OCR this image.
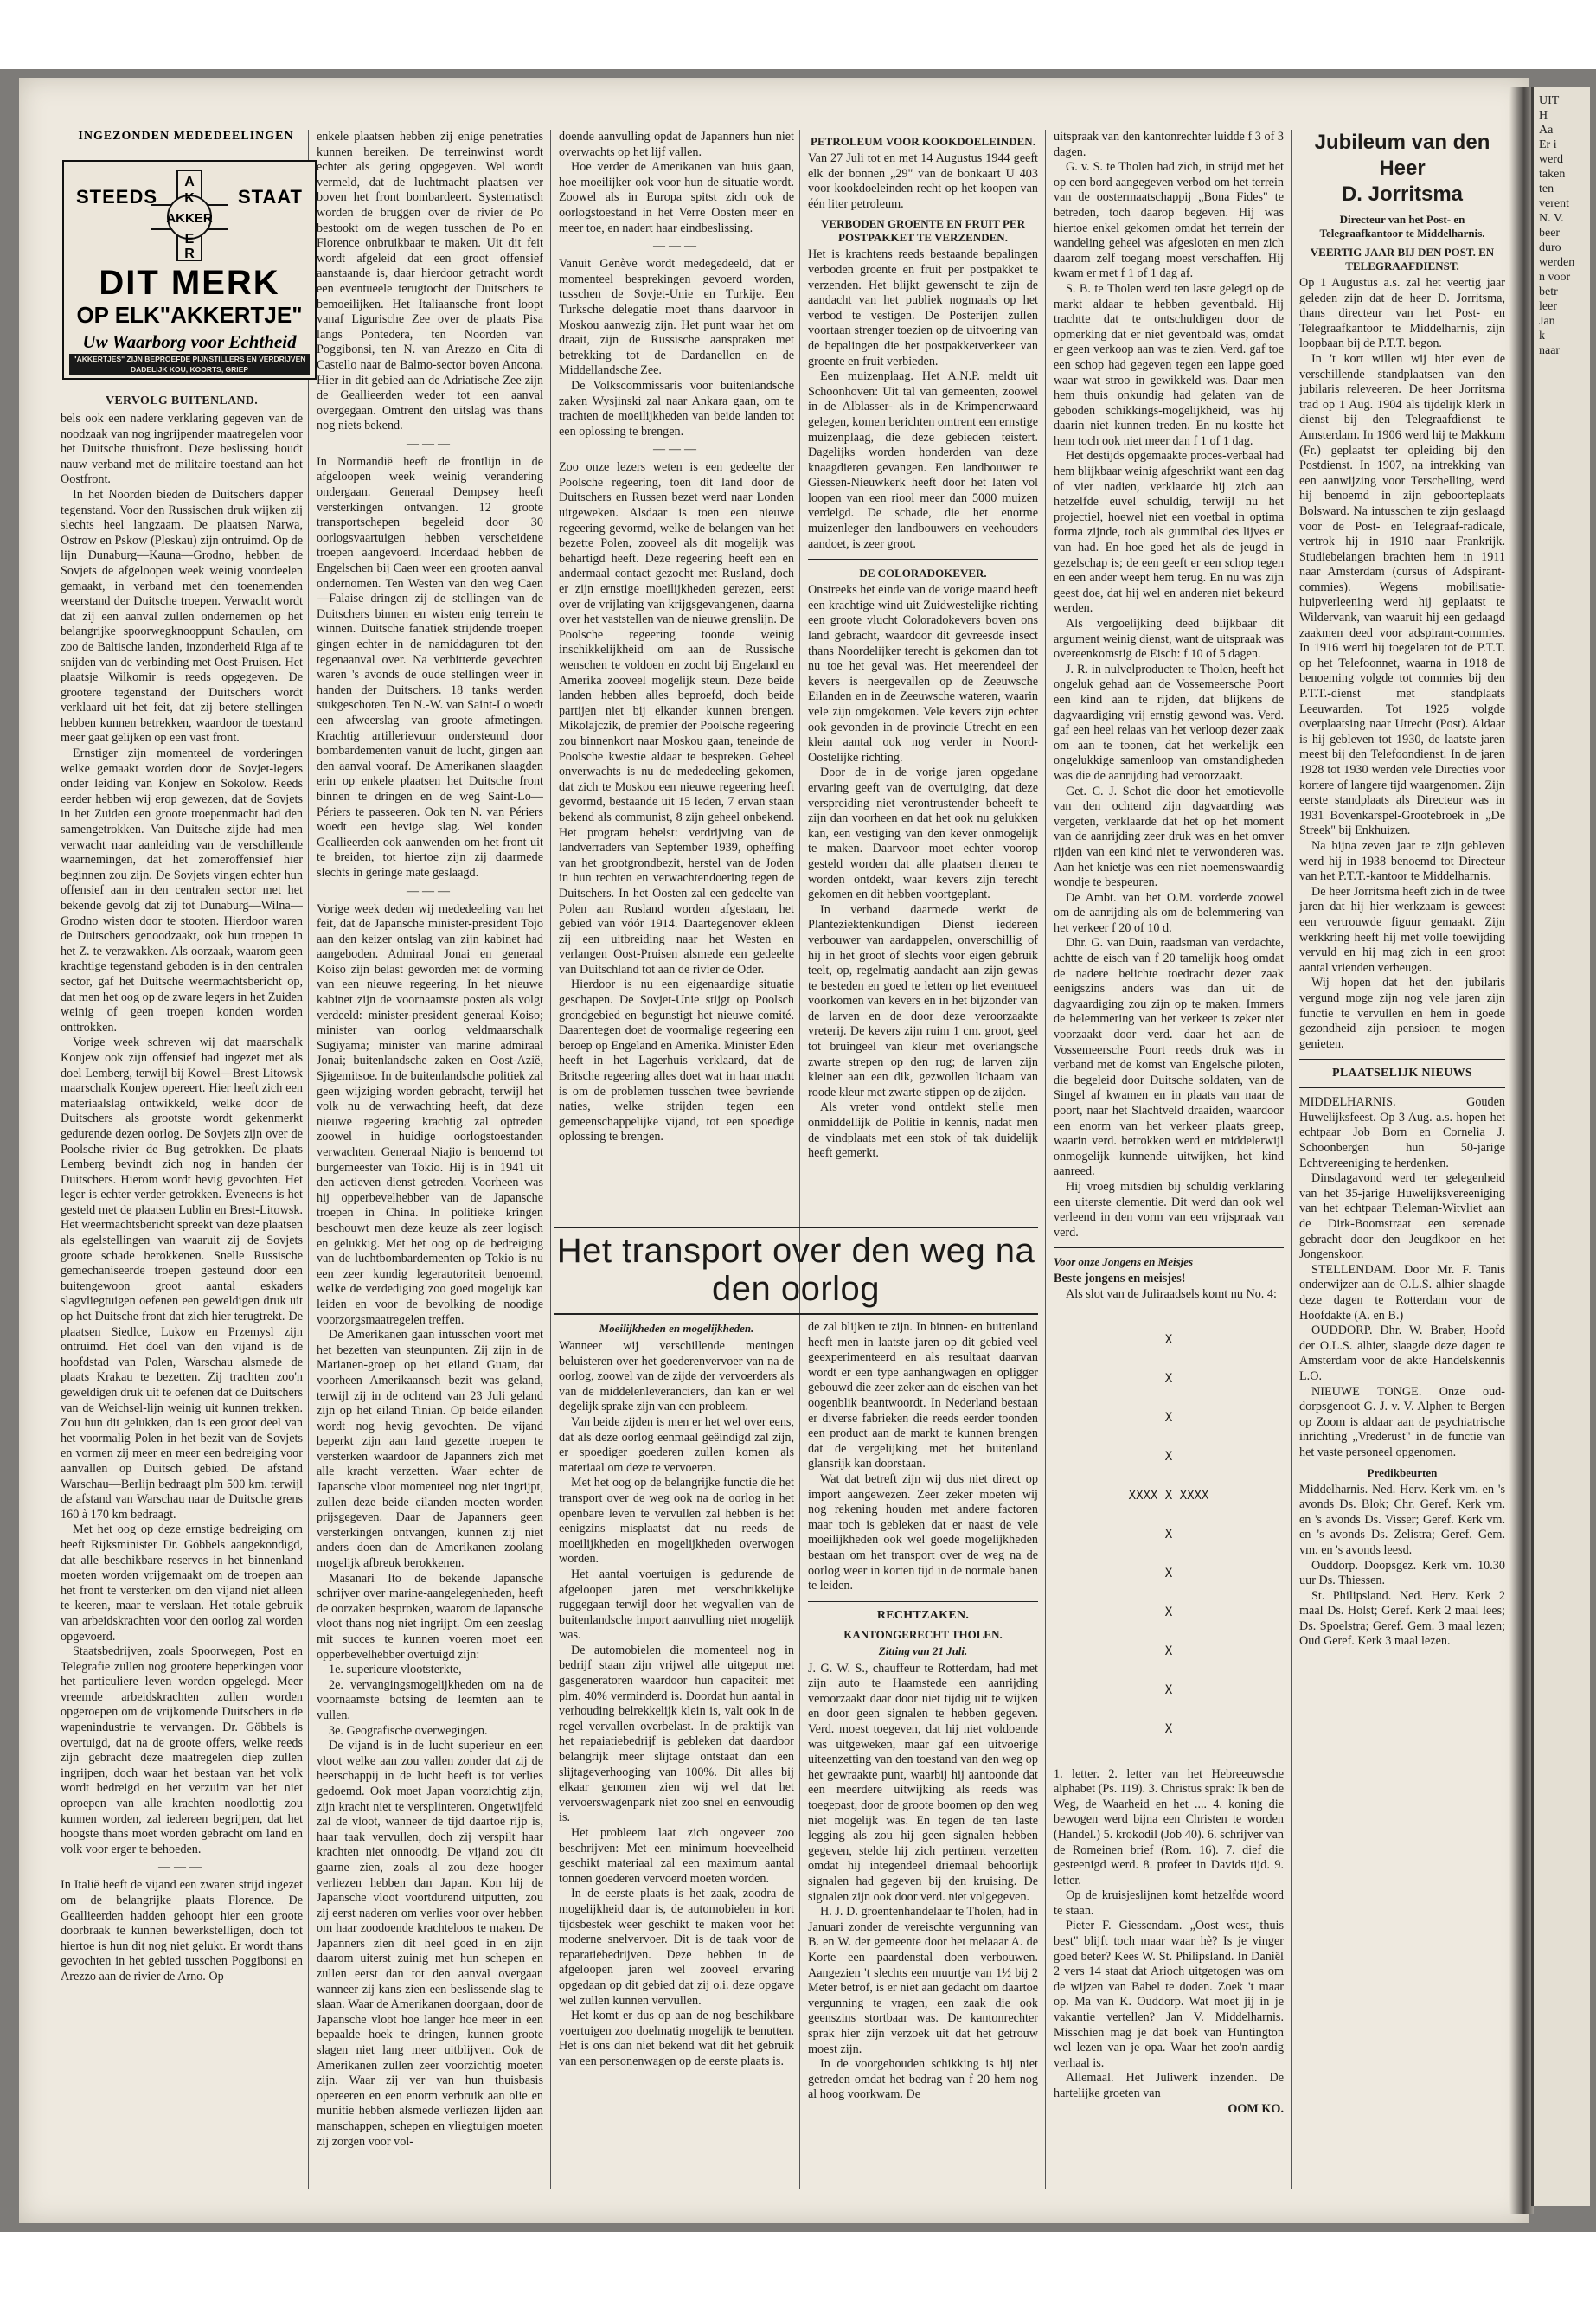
UIT
H
Aa
Er i
werd
taken
ten
verent
N. V.
beer
duro
werden
n voor
betr
leer
Jan
k
naar
INGEZONDEN MEDEDEELINGEN
STEEDS	STAAT
A
K
AKKER
E
R
DIT MERK
OP ELK"AKKERTJE"
Uw Waarborg voor Echtheid
"AKKERTJES" ZIJN BEPROEFDE PIJNSTILLERS EN VERDRIJVEN DADELIJK KOU, KOORTS, GRIEP
VERVOLG BUITENLAND.

bels ook een nadere verklaring gegeven van de noodzaak van nog ingrijpender maatregelen voor het Duitsche thuisfront. Deze beslissing houdt nauw verband met de militaire toestand aan het Oostfront.

In het Noorden bieden de Duitschers dapper tegenstand. Voor den Russischen druk wijken zij slechts heel langzaam. De plaatsen Narwa, Ostrow en Pskow (Pleskau) zijn ontruimd. Op de lijn Dunaburg—Kauna—Grodno, hebben de Sovjets de afgeloopen week weinig voordeelen gemaakt, in verband met den toenemenden weerstand der Duitsche troepen. Verwacht wordt dat zij een aanval zullen ondernemen op het belangrijke spoorwegknooppunt Schaulen, om zoo de Baltische landen, inzonderheid Riga af te snijden van de verbinding met Oost-Pruisen. Het plaatsje Wilkomir is reeds opgegeven. De grootere tegenstand der Duitschers wordt verklaard uit het feit, dat zij betere stellingen hebben kunnen betrekken, waardoor de toestand meer gaat gelijken op een vast front.

Ernstiger zijn momenteel de vorderingen welke gemaakt worden door de Sovjet-legers onder leiding van Konjew en Sokolow. Reeds eerder hebben wij erop gewezen, dat de Sovjets in het Zuiden een groote troepenmacht had den samengetrokken. Van Duitsche zijde had men verwacht naar aanleiding van de verschillende waarnemingen, dat het zomeroffensief hier beginnen zou zijn. De Sovjets vingen echter hun offensief aan in den centralen sector met het bekende gevolg dat zij tot Dunaburg—Wilna—Grodno wisten door te stooten. Hierdoor waren de Duitschers genoodzaakt, ook hun troepen in het Z. te verzwakken. Als oorzaak, waarom geen krachtige tegenstand geboden is in den centralen sector, gaf het Duitsche weermachtsbericht op, dat men het oog op de zware legers in het Zuiden weinig of geen troepen konden worden onttrokken.

Vorige week schreven wij dat maarschalk Konjew ook zijn offensief had ingezet met als doel Lemberg, terwijl bij Kowel—Brest-Litowsk maarschalk Konjew opereert. Hier heeft zich een materiaalslag ontwikkeld, welke door de Duitschers als grootste wordt gekenmerkt gedurende dezen oorlog. De Sovjets zijn over de Poolsche rivier de Bug getrokken. De plaats Lemberg bevindt zich nog in handen der Duitschers. Hierom wordt hevig gevochten. Het leger is echter verder getrokken. Eveneens is het gesteld met de plaatsen Lublin en Brest-Litowsk. Het weermachtsbericht spreekt van deze plaatsen als egelstellingen van waaruit zij de Sovjets groote schade berokkenen. Snelle Russische gemechaniseerde troepen gesteund door een buitengewoon groot aantal eskaders slagvliegtuigen oefenen een geweldigen druk uit op het Duitsche front dat zich hier terugtrekt. De plaatsen Siedlce, Lukow en Przemysl zijn ontruimd. Het doel van den vijand is de hoofdstad van Polen, Warschau alsmede de plaats Krakau te bezetten. Zij trachten zoo'n geweldigen druk uit te oefenen dat de Duitschers van de Weichsel-lijn weinig uit kunnen trekken. Zou hun dit gelukken, dan is een groot deel van het voormalig Polen in het bezit van de Sovjets en vormen zij meer en meer een bedreiging voor aanvallen op Duitsch gebied. De afstand Warschau—Berlijn bedraagt plm 500 km. terwijl de afstand van Warschau naar de Duitsche grens 160 à 170 km bedraagt.

Met het oog op deze ernstige bedreiging om heeft Rijksminister Dr. Göbbels aangekondigd, dat alle beschikbare reserves in het binnenland moeten worden vrijgemaakt om de troepen aan het front te versterken om den vijand niet alleen te keeren, maar te verslaan. Het totale gebruik van arbeidskrachten voor den oorlog zal worden opgevoerd.

Staatsbedrijven, zoals Spoorwegen, Post en Telegrafie zullen nog grootere beperkingen voor het particuliere leven worden opgelegd. Meer vreemde arbeidskrachten zullen worden opgeroepen om de vrijkomende Duitschers in de wapenindustrie te vervangen. Dr. Göbbels is overtuigd, dat na de groote offers, welke reeds zijn gebracht deze maatregelen diep zullen ingrijpen, doch waar het bestaan van het volk wordt bedreigd en het verzuim van het niet oproepen van alle krachten noodlottig zou kunnen worden, zal iedereen begrijpen, dat het hoogste thans moet worden gebracht om land en volk voor erger te behoeden.

———

In Italië heeft de vijand een zwaren strijd ingezet om de belangrijke plaats Florence. De Geallieerden hadden gehoopt hier een groote doorbraak te kunnen bewerkstelligen, doch tot hiertoe is hun dit nog niet gelukt. Er wordt thans gevochten in het gebied tusschen Poggibonsi en Arezzo aan de rivier de Arno. Op

enkele plaatsen hebben zij enige penetraties kunnen bereiken. De terreinwinst wordt echter als gering opgegeven. Wel wordt vermeld, dat de luchtmacht plaatsen ver boven het front bombardeert. Systematisch worden de bruggen over de rivier de Po bestookt om de wegen tusschen de Po en Florence onbruikbaar te maken. Uit dit feit wordt afgeleid dat een groot offensief aanstaande is, daar hierdoor getracht wordt een eventueele terugtocht der Duitschers te bemoeilijken. Het Italiaansche front loopt vanaf Ligurische Zee over de plaats Pisa langs Pontedera, ten Noorden van Poggibonsi, ten N. van Arezzo en Cita di Castello naar de Balmo-sector boven Ancona. Hier in dit gebied aan de Adriatische Zee zijn de Geallieerden weder tot een aanval overgegaan. Omtrent den uitslag was thans nog niets bekend.

———

In Normandië heeft de frontlijn in de afgeloopen week weinig verandering ondergaan. Generaal Dempsey heeft versterkingen ontvangen. 12 groote transportschepen begeleid door 30 oorlogsvaartuigen hebben verscheidene troepen aangevoerd. Inderdaad hebben de Engelschen bij Caen weer een grooten aanval ondernomen. Ten Westen van den weg Caen—Falaise dringen zij de stellingen van de Duitschers binnen en wisten enig terrein te winnen. Duitsche fanatiek strijdende troepen gingen echter in de namiddaguren tot den tegenaanval over. Na verbitterde gevechten waren 's avonds de oude stellingen weer in handen der Duitschers. 18 tanks werden stukgeschoten. Ten N.-W. van Saint-Lo woedt een afweerslag van groote afmetingen. Krachtig artillerievuur ondersteund door bombardementen vanuit de lucht, gingen aan den aanval vooraf. De Amerikanen slaagden erin op enkele plaatsen het Duitsche front binnen te dringen en de weg Saint-Lo—Périers te passeeren. Ook ten N. van Périers woedt een hevige slag. Wel konden Geallieerden ook aanwenden om het front uit te breiden, tot hiertoe zijn zij daarmede slechts in geringe mate geslaagd.

———

Vorige week deden wij mededeeling van het feit, dat de Japansche minister-president Tojo aan den keizer ontslag van zijn kabinet had aangeboden. Admiraal Jonai en generaal Koiso zijn belast geworden met de vorming van een nieuwe regeering. In het nieuwe kabinet zijn de voornaamste posten als volgt verdeeld: minister-president generaal Koiso; minister van oorlog veldmaarschalk Sugiyama; minister van marine admiraal Jonai; buitenlandsche zaken en Oost-Azië, Sjigemitsoe. In de buitenlandsche politiek zal geen wijziging worden gebracht, terwijl het volk nu de verwachting heeft, dat deze nieuwe regeering krachtig zal optreden zoowel in huidige oorlogstoestanden verwachten. Generaal Niajio is benoemd tot burgemeester van Tokio. Hij is in 1941 uit den actieven dienst getreden. Voorheen was hij opperbevelhebber van de Japansche troepen in China. In politieke kringen beschouwt men deze keuze als zeer logisch en gelukkig. Met het oog op de bedreiging van de luchtbombardementen op Tokio is nu een zeer kundig legerautoriteit benoemd, welke de verdediging zoo goed mogelijk kan leiden en voor de bevolking de noodige voorzorgsmaatregelen treffen.

De Amerikanen gaan intusschen voort met het bezetten van steunpunten. Zij zijn in de Marianen-groep op het eiland Guam, dat voorheen Amerikaansch bezit was geland, terwijl zij in de ochtend van 23 Juli geland zijn op het eiland Tinian. Op beide eilanden wordt nog hevig gevochten. De vijand beperkt zijn aan land gezette troepen te versterken waardoor de Japanners zich met alle kracht verzetten. Waar echter de Japansche vloot momenteel nog niet ingrijpt, zullen deze beide eilanden moeten worden prijsgegeven. Daar de Japanners geen versterkingen ontvangen, kunnen zij niet anders doen dan de Amerikanen zoolang mogelijk afbreuk berokkenen.

Masanari Ito de bekende Japansche schrijver over marine-aangelegenheden, heeft de oorzaken besproken, waarom de Japansche vloot thans nog niet ingrijpt. Om een zeeslag mit succes te kunnen voeren moet een opperbevelhebber overtuigd zijn:

1e. superieure vlootsterkte,

2e. vervangingsmogelijkheden om na de voornaamste botsing de leemten aan te vullen.

3e. Geografische overwegingen.

De vijand is in de lucht superieur en een vloot welke aan zou vallen zonder dat zij de heerschappij in de lucht heeft is tot verlies gedoemd. Ook moet Japan voorzichtig zijn, zijn kracht niet te versplinteren. Ongetwijfeld zal de vloot, wanneer de tijd daartoe rijp is, haar taak vervullen, doch zij verspilt haar krachten niet onnoodig. De vijand zou dit gaarne zien, zoals al zou deze hooger verliezen hebben dan Japan. Kon hij de Japansche vloot voortdurend uitputten, zou zij eerst naderen om verlies voor over hebben om haar zoodoende krachteloos te maken. De Japanners zien dit heel goed in en zijn daarom uiterst zuinig met hun schepen en zullen eerst dan tot den aanval overgaan wanneer zij kans zien een beslissende slag te slaan. Waar de Amerikanen doorgaan, door de Japansche vloot hoe langer hoe meer in een bepaalde hoek te dringen, kunnen groote slagen niet lang meer uitblijven. Ook de Amerikanen zullen zeer voorzichtig moeten zijn. Waar zij ver van hun thuisbasis opereeren en een enorm verbruik aan olie en munitie hebben alsmede verliezen lijden aan manschappen, schepen en vliegtuigen moeten zij zorgen voor vol-

doende aanvulling opdat de Japanners hun niet overwachts op het lijf vallen.

Hoe verder de Amerikanen van huis gaan, hoe moeilijker ook voor hun de situatie wordt. Zoowel als in Europa spitst zich ook de oorlogstoestand in het Verre Oosten meer en meer toe, en nadert haar eindbeslissing.

———

Vanuit Genève wordt medegedeeld, dat er momenteel besprekingen gevoerd worden, tusschen de Sovjet-Unie en Turkije. Een Turksche delegatie moet thans daarvoor in Moskou aanwezig zijn. Het punt waar het om draait, zijn de Russische aanspraken met betrekking tot de Dardanellen en de Middellandsche Zee.

De Volkscommissaris voor buitenlandsche zaken Wysjinski zal naar Ankara gaan, om te trachten de moeilijkheden van beide landen tot een oplossing te brengen.

———

Zoo onze lezers weten is een gedeelte der Poolsche regeering, toen dit land door de Duitschers en Russen bezet werd naar Londen uitgeweken. Alsdaar is toen een nieuwe regeering gevormd, welke de belangen van het bezette Polen, zooveel als dit mogelijk was behartigd heeft. Deze regeering heeft een en andermaal contact gezocht met Rusland, doch er zijn ernstige moeilijkheden gerezen, eerst over de vrijlating van krijgsgevangenen, daarna over het vaststellen van de nieuwe grenslijn. De Poolsche regeering toonde weinig inschikkelijkheid om aan de Russische wenschen te voldoen en zocht bij Engeland en Amerika zooveel mogelijk steun. Deze beide landen hebben alles beproefd, doch beide partijen niet bij elkander kunnen brengen. Mikolajczik, de premier der Poolsche regeering zou binnenkort naar Moskou gaan, teneinde de Poolsche kwestie aldaar te bespreken. Geheel onverwachts is nu de mededeeling gekomen, dat zich te Moskou een nieuwe regeering heeft gevormd, bestaande uit 15 leden, 7 ervan staan bekend als communist, 8 zijn geheel onbekend. Het program behelst: verdrijving van de landverraders van September 1939, opheffing van het grootgrondbezit, herstel van de Joden in hun rechten en verwachtendoering tegen de Duitschers. In het Oosten zal een gedeelte van Polen aan Rusland worden afgestaan, het gebied van vóór 1914. Daartegenover ekleen zij een uitbreiding naar het Westen en verlangen Oost-Pruisen alsmede een gedeelte van Duitschland tot aan de rivier de Oder.

Hierdoor is nu een eigenaardige situatie geschapen. De Sovjet-Unie stijgt op Poolsch grondgebied en begunstigt het nieuwe comité. Daarentegen doet de voormalige regeering een beroep op Engeland en Amerika. Minister Eden heeft in het Lagerhuis verklaard, dat de Britsche regeering alles doet wat in haar macht is om de problemen tusschen twee bevriende naties, welke strijden tegen een gemeenschappelijke vijand, tot een spoedige oplossing te brengen.

PETROLEUM VOOR KOOKDOELEINDEN.

Van 27 Juli tot en met 14 Augustus 1944 geeft elk der bonnen „29" van de bonkaart U 403 voor kookdoeleinden recht op het koopen van één liter petroleum.

VERBODEN GROENTE EN FRUIT PER POSTPAKKET TE VERZENDEN.

Het is krachtens reeds bestaande bepalingen verboden groente en fruit per postpakket te verzenden. Het blijkt gewenscht te zijn de aandacht van het publiek nogmaals op het verbod te vestigen. De Posterijen zullen voortaan strenger toezien op de uitvoering van de bepalingen die het postpakketverkeer van groente en fruit verbieden.

Een muizenplaag. Het A.N.P. meldt uit Schoonhoven: Uit tal van gemeenten, zoowel in de Alblasser- als in de Krimpenerwaard gelegen, komen berichten omtrent een ernstige muizenplaag, die deze gebieden teistert. Dagelijks worden honderden van deze knaagdieren gevangen. Een landbouwer te Giessen-Nieuwkerk heeft door het laten vol loopen van een riool meer dan 5000 muizen verdelgd. De schade, die het enorme muizenleger den landbouwers en veehouders aandoet, is zeer groot.

DE COLORADOKEVER.

Onstreeks het einde van de vorige maand heeft een krachtige wind uit Zuidwestelijke richting een groote vlucht Coloradokevers boven ons land gebracht, waardoor dit gevreesde insect thans Noordelijker terecht is gekomen dan tot nu toe het geval was. Het meerendeel der kevers is neergevallen op de Zeeuwsche Eilanden en in de Zeeuwsche wateren, waarin vele zijn omgekomen. Vele kevers zijn echter ook gevonden in de provincie Utrecht en een klein aantal ook nog verder in Noord-Oostelijke richting.

Door de in de vorige jaren opgedane ervaring geeft van de overtuiging, dat deze verspreiding niet verontrustender beheeft te zijn dan voorheen en dat het ook nu gelukken kan, een vestiging van den kever onmogelijk te maken. Daarvoor moet echter voorop gesteld worden dat alle plaatsen dienen te worden ontdekt, waar kevers zijn terecht gekomen en dit hebben voortgeplant.

In verband daarmede werkt de Planteziektenkundigen Dienst iedereen verbouwer van aardappelen, onverschillig of hij in het groot of slechts voor eigen gebruik teelt, op, regelmatig aandacht aan zijn gewas te besteden en goed te letten op het eventueel voorkomen van kevers en in het bijzonder van de larven en de door deze veroorzaakte vreterij. De kevers zijn ruim 1 cm. groot, geel tot bruingeel van kleur met overlangsche zwarte strepen op den rug; de larven zijn kleiner aan een dik, gezwollen lichaam van roode kleur met zwarte stippen op de zijden.

Als vreter vond ontdekt stelle men onmiddellijk de Politie in kennis, nadat men de vindplaats met een stok of tak duidelijk heeft gemerkt.

Het transport over den weg na den oorlog
Moeilijkheden en mogelijkheden.

Wanneer wij verschillende meningen beluisteren over het goederenvervoer van na de oorlog, zoowel van de zijde der vervoerders als van de middelenleveranciers, dan kan er wel degelijk sprake zijn van een probleem.

Van beide zijden is men er het wel over eens, dat als deze oorlog eenmaal geëindigd zal zijn, er spoediger goederen zullen komen als materiaal om deze te vervoeren.

Met het oog op de belangrijke functie die het transport over de weg ook na de oorlog in het openbare leven te vervullen zal hebben is het eenigzins misplaatst dat nu reeds de moeilijkheden en mogelijkheden overwogen worden.

Het aantal voertuigen is gedurende de afgeloopen jaren met verschrikkelijke ruggegaan terwijl door het wegvallen van de buitenlandsche import aanvulling niet mogelijk was.

De automobielen die momenteel nog in bedrijf staan zijn vrijwel alle uitgeput met gasgeneratoren waardoor hun capaciteit met plm. 40% verminderd is. Doordat hun aantal in verhouding belrekkelijk klein is, valt ook in de regel vervallen overbelast. In de praktijk van het repaiatiebedrijf is gebleken dat daardoor belangrijk meer slijtage ontstaat dan een slijtageverhooging van 100%. Dit alles bij elkaar genomen zien wij wel dat het vervoerswagenpark niet zoo snel en eenvoudig is.

Het probleem laat zich ongeveer zoo beschrijven: Met een minimum hoeveelheid geschikt materiaal zal een maximum aantal tonnen goederen vervoerd moeten worden.

In de eerste plaats is het zaak, zoodra de mogelijkheid daar is, de automobielen in kort tijdsbestek weer geschikt te maken voor het moderne snelvervoer. Dit is de taak voor de reparatiebedrijven. Deze hebben in de afgeloopen jaren wel zooveel ervaring opgedaan op dit gebied dat zij o.i. deze opgave wel zullen kunnen vervullen.

Het komt er dus op aan de nog beschikbare voertuigen zoo doelmatig mogelijk te benutten. Het is ons dan niet bekend wat dit het gebruik van een personenwagen op de eerste plaats is.

de zal blijken te zijn. In binnen- en buitenland heeft men in laatste jaren op dit gebied veel geexperimenteerd en als resultaat daarvan wordt er een type aanhangwagen en opligger gebouwd die zeer zeker aan de eischen van het oogenblik beantwoordt. In Nederland bestaan er diverse fabrieken die reeds eerder toonden een product aan de markt te kunnen brengen dat de vergelijking met het buitenland glansrijk kan doorstaan.

Wat dat betreft zijn wij dus niet direct op import aangewezen. Zeer zeker moeten wij nog rekening houden met andere factoren maar toch is gebleken dat er naast de vele moeilijkheden ook wel goede mogelijkheden bestaan om het transport over de weg na de oorlog weer in korten tijd in de normale banen te leiden.

RECHTZAKEN.
KANTONGERECHT THOLEN.
Zitting van 21 Juli.

J. G. W. S., chauffeur te Rotterdam, had met zijn auto te Haamstede een aanrijding veroorzaakt daar door niet tijdig uit te wijken en door geen signalen te hebben gegeven. Verd. moest toegeven, dat hij niet voldoende was uitgeweken, maar gaf een uitvoerige uiteenzetting van den toestand van den weg op het gewraakte punt, waarbij hij aantoonde dat een meerdere uitwijking als reeds was toegepast, door de groote boomen op den weg niet mogelijk was. En tegen de ten laste legging als zou hij geen signalen hebben gegeven, stelde hij zich pertinent verzetten omdat hij integendeel driemaal behoorlijk signalen had gegeven bij den kruising. De signalen zijn ook door verd. niet volgegeven.

H. J. D. groentenhandelaar te Tholen, had in Januari zonder de vereischte vergunning van B. en W. der gemeente door het melaaar A. de Korte een paardenstal doen verbouwen. Aangezien 't slechts een muurtje van 1½ bij 2 Meter betrof, is er niet aan gedacht om daartoe vergunning te vragen, een zaak die ook geenszins stortbaar was. De kantonrechter sprak hier zijn verzoek uit dat het getrouw moest zijn.

In de voorgehouden schikking is hij niet getreden omdat het bedrag van f 20 hem nog al hoog voorkwam. De

uitspraak van den kantonrechter luidde f 3 of 3 dagen.

G. v. S. te Tholen had zich, in strijd met het op een bord aangegeven verbod om het terrein van de oostermaatschappij „Bona Fides" te betreden, toch daarop begeven. Hij was hiertoe enkel gekomen omdat het terrein der wandeling geheel was afgesloten en men zich daarom zelf toegang moest verschaffen. Hij kwam er met f 1 of 1 dag af.

S. B. te Tholen werd ten laste gelegd op de markt aldaar te hebben geventbald. Hij trachtte dat te ontschuldigen door de opmerking dat er niet geventbald was, omdat er geen verkoop aan was te zien. Verd. gaf toe een schop had gegeven tegen een lappe goed waar wat stroo in gewikkeld was. Daar men hem thuis onkundig had gelaten van de geboden schikkings-mogelijkheid, was hij daarin niet kunnen treden. En nu kostte het hem toch ook niet meer dan f 1 of 1 dag.

Het destijds opgemaakte proces-verbaal had hem blijkbaar weinig afgeschrikt want een dag of vier nadien, verklaarde hij zich aan hetzelfde euvel schuldig, terwijl nu het projectiel, hoewel niet een voetbal in optima forma zijnde, toch als gummibal des lijves er van had. En hoe goed het als de jeugd in gezelschap is; de een geeft er een schop tegen en een ander weept hem terug. En nu was zijn geest doe, dat hij wel en anderen niet bekeurd werden.

Als vergoelijking deed blijkbaar dit argument weinig dienst, want de uitspraak was overeenkomstig de Eisch: f 10 of 5 dagen.

J. R. in nulvelproducten te Tholen, heeft het ongeluk gehad aan de Vossemeersche Poort een kind aan te rijden, dat blijkens de dagvaardiging vrij ernstig gewond was. Verd. gaf een heel relaas van het verloop dezer zaak om aan te toonen, dat het werkelijk een ongelukkige samenloop van omstandigheden was die de aanrijding had veroorzaakt.

Get. C. J. Schot die door het emotievolle van den ochtend zijn dagvaarding was vergeten, verklaarde dat het op het moment van de aanrijding zeer druk was en het omver rijden van een kind niet te verwonderen was. Aan het knietje was een niet noemenswaardig wondje te bespeuren.

De Ambt. van het O.M. vorderde zoowel om de aanrijding als om de belemmering van het verkeer f 20 of 10 d.

Dhr. G. van Duin, raadsman van verdachte, achtte de eisch van f 20 tamelijk hoog omdat de nadere belichte toedracht dezer zaak eenigszins anders was dan uit de dagvaardiging zou zijn op te maken. Immers de belemmering van het verkeer is zeker niet voorzaakt door verd. daar het aan de Vossemeersche Poort reeds druk was in verband met de komst van Engelsche piloten, die begeleid door Duitsche soldaten, van de Singel af kwamen en in plaats van naar de poort, naar het Slachtveld draaiden, waardoor een enorm van het verkeer plaats greep, waarin verd. betrokken werd en middelerwijl onmogelijk kunnende uitwijken, het kind aanreed.

Hij vroeg mitsdien bij schuldig verklaring een uiterste clementie. Dit werd dan ook wel verleend in den vorm van een vrijspraak van verd.

Voor onze Jongens en Meisjes

Beste jongens en meisjes!

Als slot van de Juliraadsels komt nu No. 4:

X

X

X

X

XXXX X XXXX

X

X

X

X

X

X

1. letter. 2. letter van het Hebreeuwsche alphabet (Ps. 119). 3. Christus sprak: Ik ben de Weg, de Waarheid en het .... 4. koning die bewogen werd bijna een Christen te worden (Handel.) 5. krokodil (Job 40). 6. schrijver van de Romeinen brief (Rom. 16). 7. dief die gesteenigd werd. 8. profeet in Davids tijd. 9. letter.

Op de kruisjeslijnen komt hetzelfde woord te staan.

Pieter F. Giessendam. „Oost west, thuis best" blijft toch maar waar hè? Is je vinger goed beter? Kees W. St. Philipsland. In Daniël 2 vers 14 staat dat Arioch uitgetogen was om de wijzen van Babel te doden. Zoek 't maar op. Ma van K. Ouddorp. Wat moet jij in je vakantie vertellen? Jan V. Middelharnis. Misschien mag je dat boek van Huntington wel lezen van je opa. Waar het zoo'n aardig verhaal is.

Allemaal. Het Juliwerk inzenden. De hartelijke groeten van

OOM KO.

Jubileum van den Heer
D. Jorritsma
Directeur van het Post- en Telegraafkantoor te Middelharnis.
VEERTIG JAAR BIJ DEN POST. EN TELEGRAAFDIENST.

Op 1 Augustus a.s. zal het veertig jaar geleden zijn dat de heer D. Jorritsma, thans directeur van het Post- en Telegraafkantoor te Middelharnis, zijn loopbaan bij de P.T.T. begon.

In 't kort willen wij hier even de verschillende standplaatsen van den jubilaris releveeren. De heer Jorritsma trad op 1 Aug. 1904 als tijdelijk klerk in dienst bij den Telegraafdienst te Amsterdam. In 1906 werd hij te Makkum (Fr.) geplaatst ter opleiding bij den Postdienst. In 1907, na intrekking van een aanwijzing voor Terschelling, werd hij benoemd in zijn geboorteplaats Bolsward. Na intusschen te zijn geslaagd voor de Post- en Telegraaf-radicale, vertrok hij in 1910 naar Frankrijk. Studiebelangen brachten hem in 1911 naar Amsterdam (cursus of Adspirant-commies). Wegens mobilisatie-huipverleening werd hij geplaatst te Wildervank, van waaruit hij een gedaagd zaakmen deed voor adspirant-commies. In 1916 werd hij toegelaten tot de P.T.T. op het Telefoonnet, waarna in 1918 de benoeming volgde tot commies bij den P.T.T.-dienst met standplaats Leeuwarden. Tot 1925 volgde overplaatsing naar Utrecht (Post). Aldaar is hij gebleven tot 1930, de laatste jaren meest bij den Telefoondienst. In de jaren 1928 tot 1930 werden vele Directies voor kortere of langere tijd waargenomen. Zijn eerste standplaats als Directeur was in 1931 Bovenkarspel-Grootebroek in „De Streek" bij Enkhuizen.

Na bijna zeven jaar te zijn gebleven werd hij in 1938 benoemd tot Directeur van het P.T.T.-kantoor te Middelharnis.

De heer Jorritsma heeft zich in de twee jaren dat hij hier werkzaam is geweest een vertrouwde figuur gemaakt. Zijn werkkring heeft hij met volle toewijding vervuld en hij mag zich in een groot aantal vrienden verheugen.

Wij hopen dat het den jubilaris vergund moge zijn nog vele jaren zijn functie te vervullen en hem in goede gezondheid zijn pensioen te mogen genieten.

PLAATSELIJK NIEUWS

MIDDELHARNIS. Gouden Huwelijksfeest. Op 3 Aug. a.s. hopen het echtpaar Job Born en Cornelia J. Schoonbergen hun 50-jarige Echtvereeniging te herdenken.

Dinsdagavond werd ter gelegenheid van het 35-jarige Huwelijksvereeniging van het echtpaar Tieleman-Witvliet aan de Dirk-Boomstraat een serenade gebracht door den Jeugdkoor en het Jongenskoor.

STELLENDAM. Door Mr. F. Tanis onderwijzer aan de O.L.S. alhier slaagde deze dagen te Rotterdam voor de Hoofdakte (A. en B.)

OUDDORP. Dhr. W. Braber, Hoofd der O.L.S. alhier, slaagde deze dagen te Amsterdam voor de akte Handelskennis L.O.

NIEUWE TONGE. Onze oud-dorpsgenoot G. J. v. V. Alphen te Bergen op Zoom is aldaar aan de psychiatrische inrichting „Vrederust" in de functie van het vaste personeel opgenomen.

Predikbeurten

Middelharnis. Ned. Herv. Kerk vm. en 's avonds Ds. Blok; Chr. Geref. Kerk vm. en 's avonds Ds. Visser; Geref. Kerk vm. en 's avonds Ds. Zelistra; Geref. Gem. vm. en 's avonds leesd.

Ouddorp. Doopsgez. Kerk vm. 10.30 uur Ds. Thiessen.

St. Philipsland. Ned. Herv. Kerk 2 maal Ds. Holst; Geref. Kerk 2 maal lees; Ds. Spoelstra; Geref. Gem. 3 maal lezen; Oud Geref. Kerk 3 maal lezen.
